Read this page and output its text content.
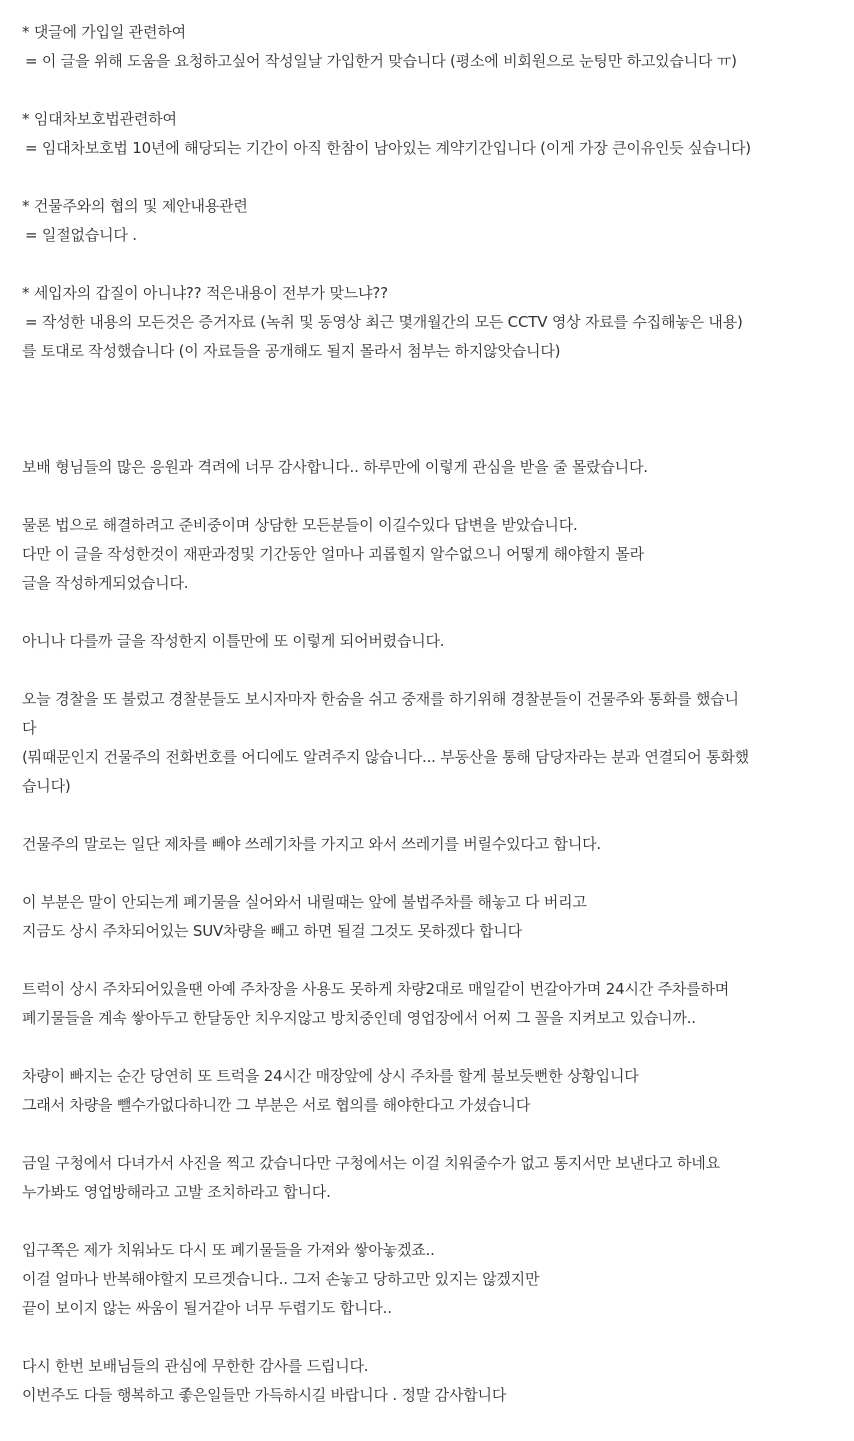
* 댓글에 가입일 관련하여
= 이 글을 위해 도움을 요청하고싶어 작성일날 가입한거 맞습니다 (평소에 비회원으로 눈팅만 하고있습니다 ㅠ)
* 임대차보호법관련하여
= 임대차보호법 10년에 해당되는 기간이 아직 한참이 남아있는 계약기간입니다 (이게 가장 큰이유인듯 싶습니다)
* 건물주와의 협의 및 제안내용관련
= 일절없습니다 .
* 세입자의 갑질이 아니냐?? 적은내용이 전부가 맞느냐??
= 작성한 내용의 모든것은 증거자료 (녹취 및 동영상 최근 몇개월간의 모든 CCTV 영상 자료를 수집해놓은 내용)
를 토대로 작성했습니다 (이 자료들을 공개해도 될지 몰라서 첨부는 하지않앗습니다)
보배 형님들의 많은 응원과 격려에 너무 감사합니다.. 하루만에 이렇게 관심을 받을 줄 몰랐습니다.
물론 법으로 해결하려고 준비중이며 상담한 모든분들이 이길수있다 답변을 받았습니다.
다만 이 글을 작성한것이 재판과정및 기간동안 얼마나 괴롭힐지 알수없으니 어떻게 해야할지 몰라
글을 작성하게되었습니다.
아니나 다를까 글을 작성한지 이틀만에 또 이렇게 되어버렸습니다.
오늘 경찰을 또 불렀고 경찰분들도 보시자마자 한숨을 쉬고 중재를 하기위해 경찰분들이 건물주와 통화를 했습니
다
(뭐때문인지 건물주의 전화번호를 어디에도 알려주지 않습니다... 부동산을 통해 담당자라는 분과 연결되어 통화했
습니다)
건물주의 말로는 일단 제차를 빼야 쓰레기차를 가지고 와서 쓰레기를 버릴수있다고 합니다.
이 부분은 말이 안되는게 폐기물을 실어와서 내릴때는 앞에 불법주차를 해놓고 다 버리고
지금도 상시 주차되어있는 SUV차량을 빼고 하면 될걸 그것도 못하겠다 합니다
트럭이 상시 주차되어있을땐 아예 주차장을 사용도 못하게 차량2대로 매일같이 번갈아가며 24시간 주차를하며
폐기물들을 계속 쌓아두고 한달동안 치우지않고 방치중인데 영업장에서 어찌 그 꼴을 지켜보고 있습니까..
차량이 빠지는 순간 당연히 또 트럭을 24시간 매장앞에 상시 주차를 할게 불보듯뻔한 상황입니다
그래서 차량을 뺄수가없다하니깐 그 부분은 서로 협의를 해야한다고 가셨습니다
금일 구청에서 다녀가서 사진을 찍고 갔습니다만 구청에서는 이걸 치워줄수가 없고 통지서만 보낸다고 하네요
누가봐도 영업방해라고 고발 조치하라고 합니다.
입구쪽은 제가 치워놔도 다시 또 폐기물들을 가져와 쌓아놓겠죠..
이걸 얼마나 반복해야할지 모르겟습니다.. 그저 손놓고 당하고만 있지는 않겠지만
끝이 보이지 않는 싸움이 될거같아 너무 두렵기도 합니다..
다시 한번 보배님들의 관심에 무한한 감사를 드립니다.
이번주도 다들 행복하고 좋은일들만 가득하시길 바랍니다 . 정말 감사합니다
